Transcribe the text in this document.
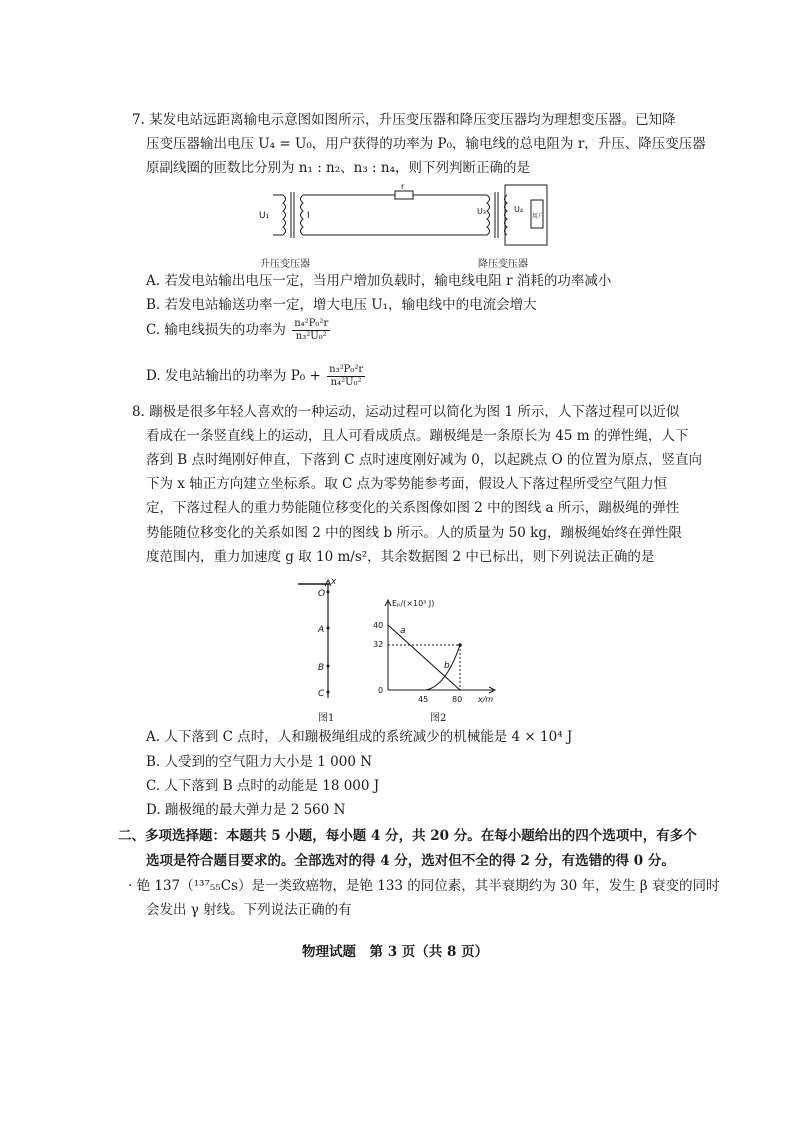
7. 某发电站远距离输电示意图如图所示，升压变压器和降压变压器均为理想变压器。已知降
压变压器输出电压 U₄ = U₀，用户获得的功率为 P₀，输电线的总电阻为 r，升压、降压变压器
原副线圈的匝数比分别为 n₁ : n₂、n₃ : n₄，则下列判断正确的是
U₁	I
r
U₃	U₄
用户
升压变压器	降压变压器
A. 若发电站输出电压一定，当用户增加负载时，输电线电阻 r 消耗的功率减小
B. 若发电站输送功率一定，增大电压 U₁，输电线中的电流会增大
C. 输电线损失的功率为 $\frac{\text{n₄²P₀²r}}{\text{n₃²U₀²}}$
D. 发电站输出的功率为 $P_0 + \frac{\text{n₃²P₀²r}}{\text{n₄²U₀²}}$
8. 蹦极是很多年轻人喜欢的一种运动，运动过程可以简化为图 1 所示，人下落过程可以近似
看成在一条竖直线上的运动，且人可看成质点。蹦极绳是一条原长为 45 m 的弹性绳，人下
落到 B 点时绳刚好伸直，下落到 C 点时速度刚好减为 0，以起跳点 O 的位置为原点，竖直向
下为 x 轴正方向建立坐标系。取 C 点为零势能参考面，假设人下落过程所受空气阻力恒
定，下落过程人的重力势能随位移变化的关系图像如图 2 中的图线 a 所示，蹦极绳的弹性
势能随位移变化的关系如图 2 中的图线 b 所示。人的质量为 50 kg，蹦极绳始终在弹性限
度范围内，重力加速度 g 取 10 m/s²，其余数据图 2 中已标出，则下列说法正确的是
x
O
A
B
C
图1
Eₚ/(×10³ J)
x/m
40
32
0
45	80
a
b
图2
A. 人下落到 C 点时，人和蹦极绳组成的系统减少的机械能是 4 × 10⁴ J
B. 人受到的空气阻力大小是 1 000 N
C. 人下落到 B 点时的动能是 18 000 J
D. 蹦极绳的最大弹力是 2 560 N
二、多项选择题：本题共 5 小题，每小题 4 分，共 20 分。在每小题给出的四个选项中，有多个
选项是符合题目要求的。全部选对的得 4 分，选对但不全的得 2 分，有选错的得 0 分。
· 铯 137（¹³⁷₅₅Cs）是一类致癌物，是铯 133 的同位素，其半衰期约为 30 年，发生 β 衰变的同时
会发出 γ 射线。下列说法正确的有
物理试题　第 3 页（共 8 页）
